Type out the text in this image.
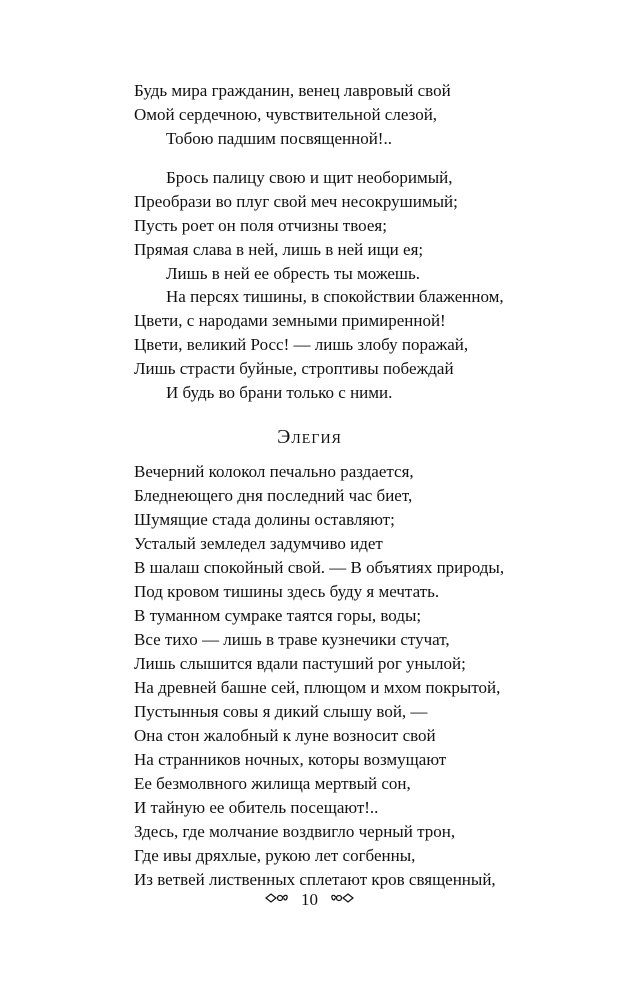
Будь мира гражданин, венец лавровый свой
Омой сердечною, чувствительной слезой,
Тобою падшим посвященной!..
Брось палицу свою и щит необоримый,
Преобрази во плуг свой меч несокрушимый;
Пусть роет он поля отчизны твоея;
Прямая слава в ней, лишь в ней ищи ея;
Лишь в ней ее обресть ты можешь.
На персях тишины, в спокойствии блаженном,
Цвети, с народами земными примиренной!
Цвети, великий Росс! — лишь злобу поражай,
Лишь страсти буйные, строптивы побеждай
И будь во брани только с ними.
Элегия
Вечерний колокол печально раздается,
Бледнеющего дня последний час биет,
Шумящие стада долины оставляют;
Усталый земледел задумчиво идет
В шалаш спокойный свой. — В объятиях природы,
Под кровом тишины здесь буду я мечтать.
В туманном сумраке таятся горы, воды;
Все тихо — лишь в траве кузнечики стучат,
Лишь слышится вдали пастуший рог унылой;
На древней башне сей, плющом и мхом покрытой,
Пустынныя совы я дикий слышу вой, —
Она стон жалобный к луне возносит свой
На странников ночных, которы возмущают
Ее безмолвного жилища мертвый сон,
И тайную ее обитель посещают!..
Здесь, где молчание воздвигло черный трон,
Где ивы дряхлые, рукою лет согбенны,
Из ветвей лиственных сплетают кров священный,
10
